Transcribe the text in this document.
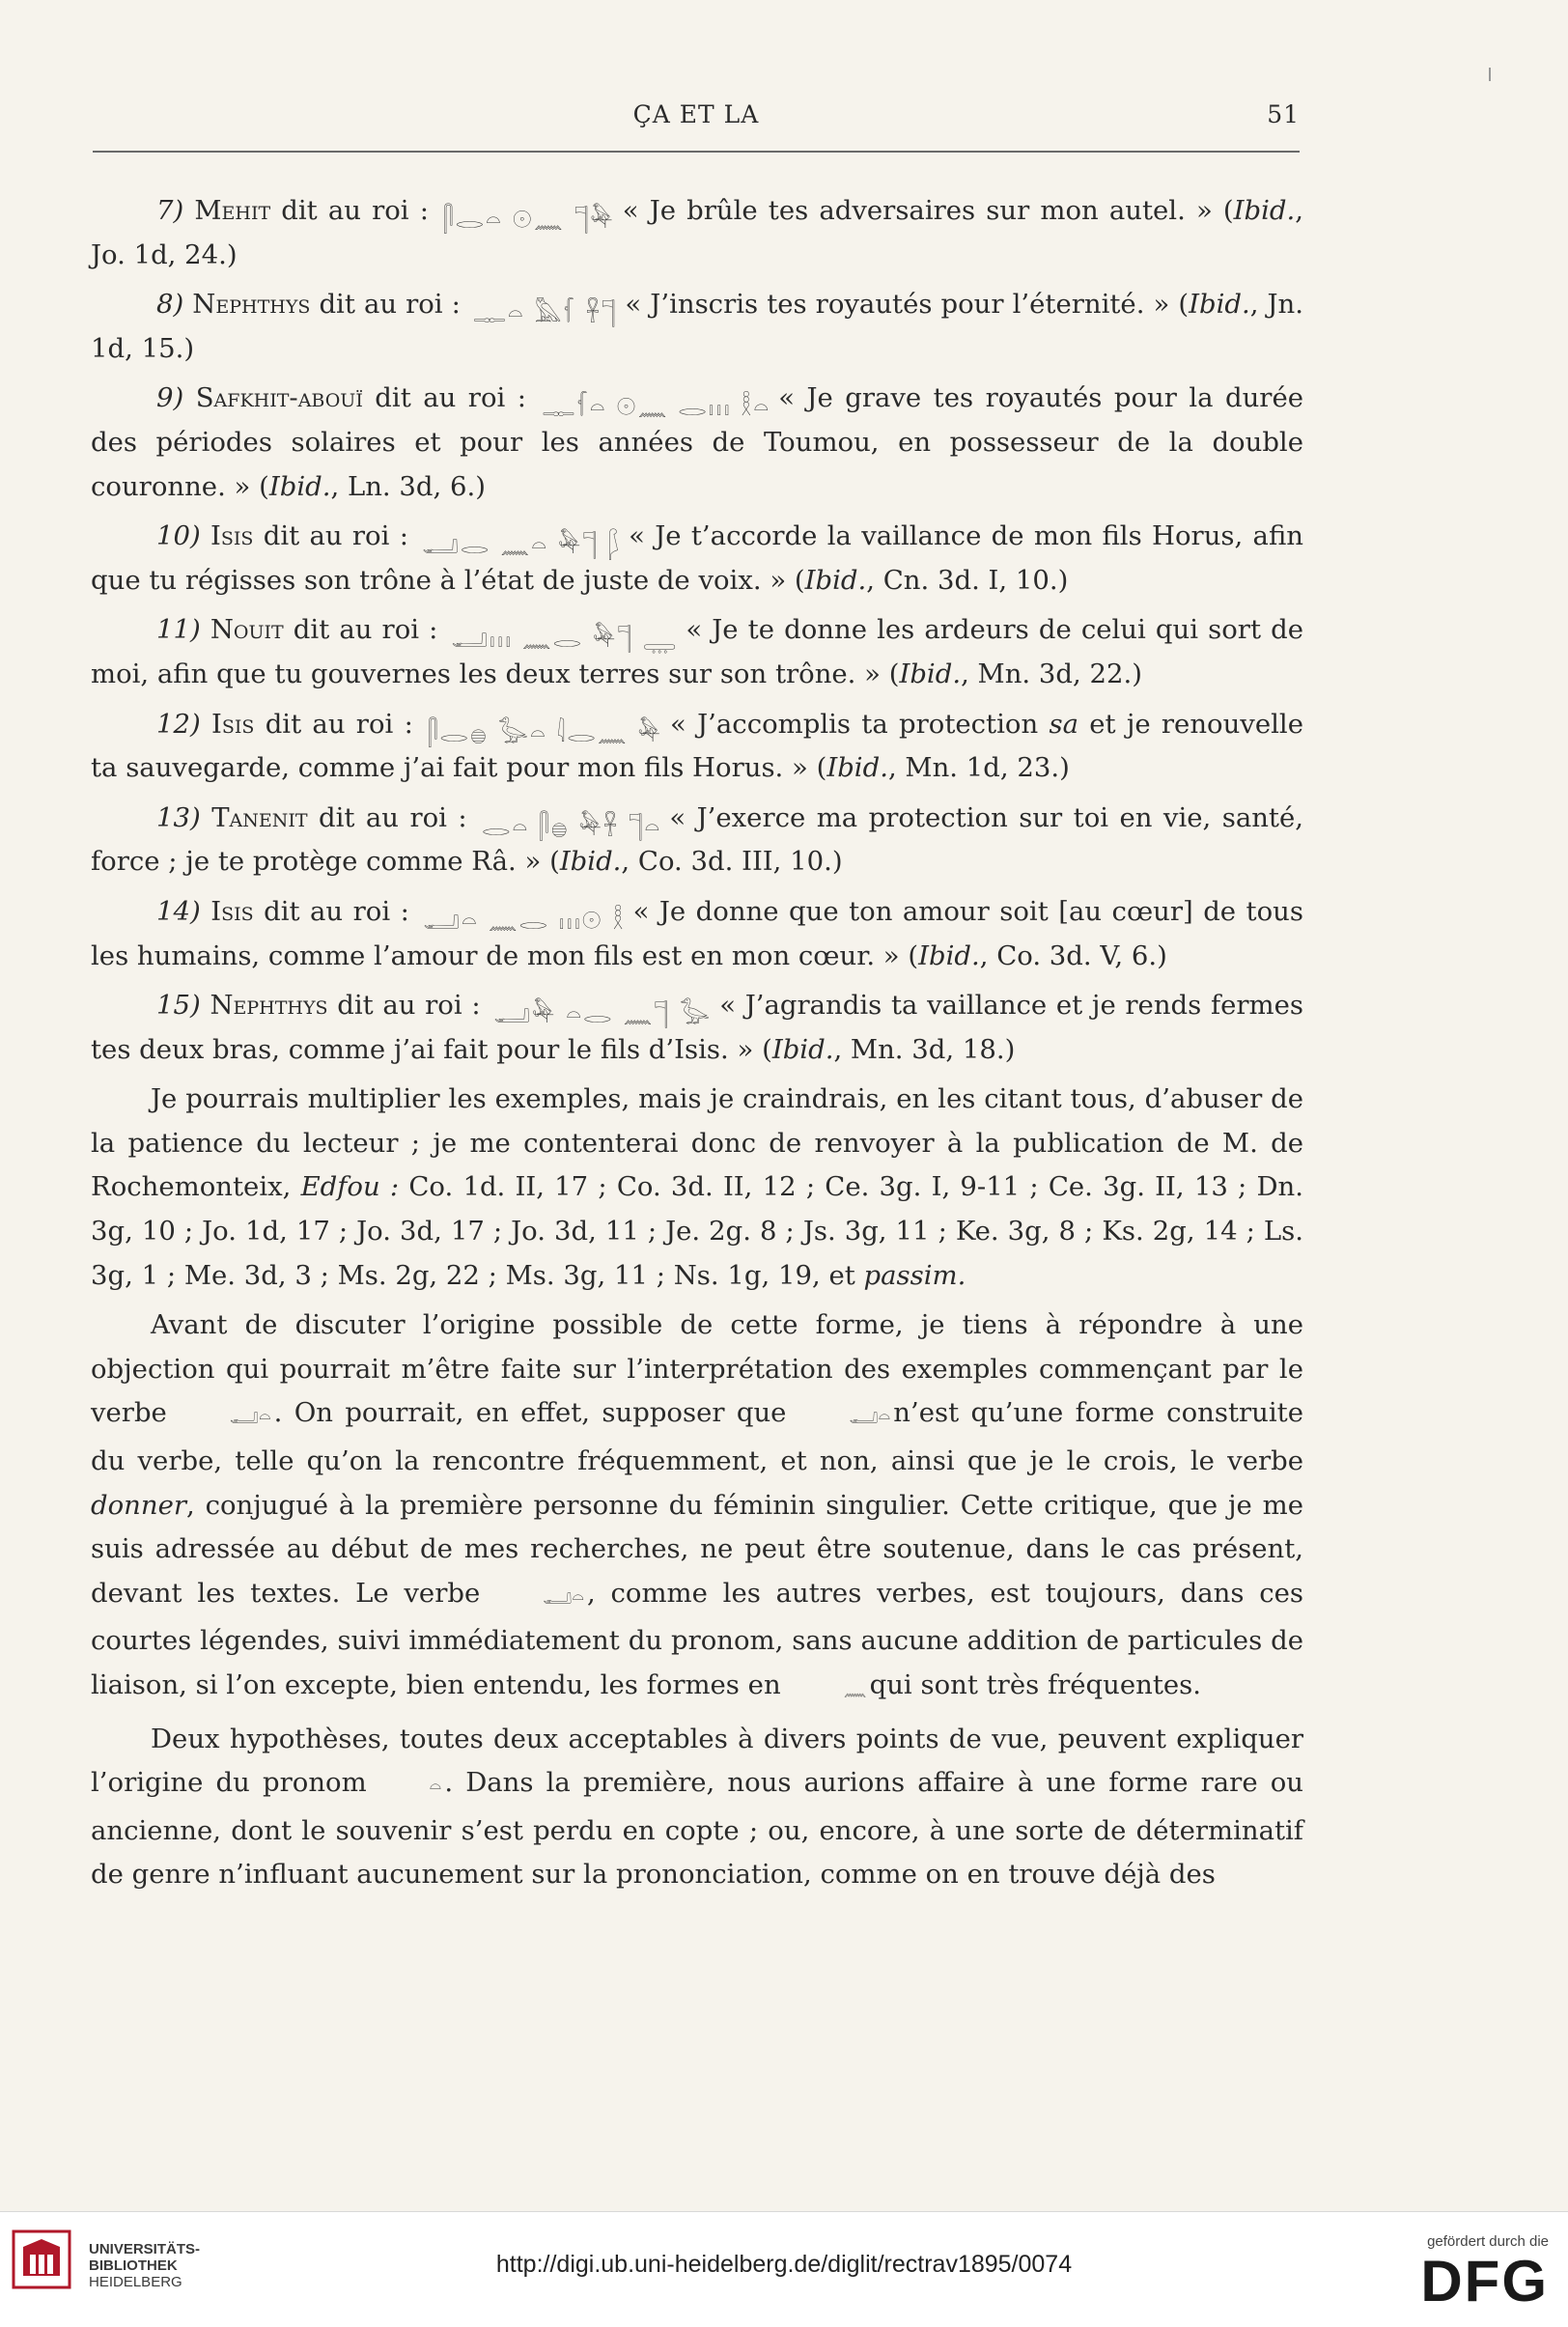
ÇA ET LA	51

7) Mehit dit au roi : 𓋴𓂋𓏏 𓇳𓈖 𓊹𓅆 « Je brûle tes adversaires sur mon autel. » (Ibid., Jo. 1d, 24.)

8) Nephthys dit au roi : 𓊃𓏏 𓅓𓆳 𓋹𓊹 « J’inscris tes royautés pour l’éternité. » (Ibid., Jn. 1d, 15.)

9) Safkhit-abouï dit au roi : 𓊃𓆳𓏏 𓇳𓈖 𓂋𓏥 𓎛𓏏 « Je grave tes royautés pour la durée des périodes solaires et pour les années de Toumou, en possesseur de la double couronne. » (Ibid., Ln. 3d, 6.)

10) Isis dit au roi : 𓂝𓂋 𓈖𓏏 𓅆𓊹 𓆄 « Je t’accorde la vaillance de mon fils Horus, afin que tu régisses son trône à l’état de juste de voix. » (Ibid., Cn. 3d. I, 10.)

11) Nouit dit au roi : 𓂝𓏥 𓈖𓂋 𓅆𓊹 𓇾 « Je te donne les ardeurs de celui qui sort de moi, afin que tu gouvernes les deux terres sur son trône. » (Ibid., Mn. 3d, 22.)

12) Isis dit au roi : 𓋴𓂋𓐍 𓅭𓏏 𓇋𓂋𓈖 𓅆 « J’accomplis ta protection sa et je renouvelle ta sauvegarde, comme j’ai fait pour mon fils Horus. » (Ibid., Mn. 1d, 23.)

13) Tanenit dit au roi : 𓂋𓏏 𓋴𓐍 𓅆𓋹 𓊹𓏏 « J’exerce ma protection sur toi en vie, santé, force ; je te protège comme Râ. » (Ibid., Co. 3d. III, 10.)

14) Isis dit au roi : 𓂝𓏏 𓈖𓂋 𓏥𓇳 𓎛 « Je donne que ton amour soit [au cœur] de tous les humains, comme l’amour de mon fils est en mon cœur. » (Ibid., Co. 3d. V, 6.)

15) Nephthys dit au roi : 𓂝𓅆 𓏏𓂋 𓈖𓊹 𓅭 « J’agrandis ta vaillance et je rends fermes tes deux bras, comme j’ai fait pour le fils d’Isis. » (Ibid., Mn. 3d, 18.)

Je pourrais multiplier les exemples, mais je craindrais, en les citant tous, d’abuser de la patience du lecteur ; je me contenterai donc de renvoyer à la publication de M. de Rochemonteix, Edfou : Co. 1d. II, 17 ; Co. 3d. II, 12 ; Ce. 3g. I, 9-11 ; Ce. 3g. II, 13 ; Dn. 3g, 10 ; Jo. 1d, 17 ; Jo. 3d, 17 ; Jo. 3d, 11 ; Je. 2g. 8 ; Js. 3g, 11 ; Ke. 3g, 8 ; Ks. 2g, 14 ; Ls. 3g, 1 ; Me. 3d, 3 ; Ms. 2g, 22 ; Ms. 3g, 11 ; Ns. 1g, 19, et passim.

Avant de discuter l’origine possible de cette forme, je tiens à répondre à une objection qui pourrait m’être faite sur l’interprétation des exemples commençant par le verbe	𓂝𓏏 . On pourrait, en effet, supposer que	𓂝𓏏 n’est qu’une forme construite du verbe, telle qu’on la rencontre fréquemment, et non, ainsi que je le crois, le verbe donner, conjugué à la première personne du féminin singulier. Cette critique, que je me suis adressée au début de mes recherches, ne peut être soutenue, dans le cas présent, devant les textes. Le verbe	𓂝𓏏 , comme les autres verbes, est toujours, dans ces courtes légendes, suivi immédiatement du pronom, sans aucune addition de particules de liaison, si l’on excepte, bien entendu, les formes en	𓈖 qui sont très fréquentes.

Deux hypothèses, toutes deux acceptables à divers points de vue, peuvent expliquer l’origine du pronom	𓏏 . Dans la première, nous aurions affaire à une forme rare ou ancienne, dont le souvenir s’est perdu en copte ; ou, encore, à une sorte de déterminatif de genre n’influant aucunement sur la prononciation, comme on en trouve déjà des

UNIVERSITÄTS-
BIBLIOTHEK
HEIDELBERG
http://digi.ub.uni-heidelberg.de/diglit/rectrav1895/0074
gefördert durch die
DFG
